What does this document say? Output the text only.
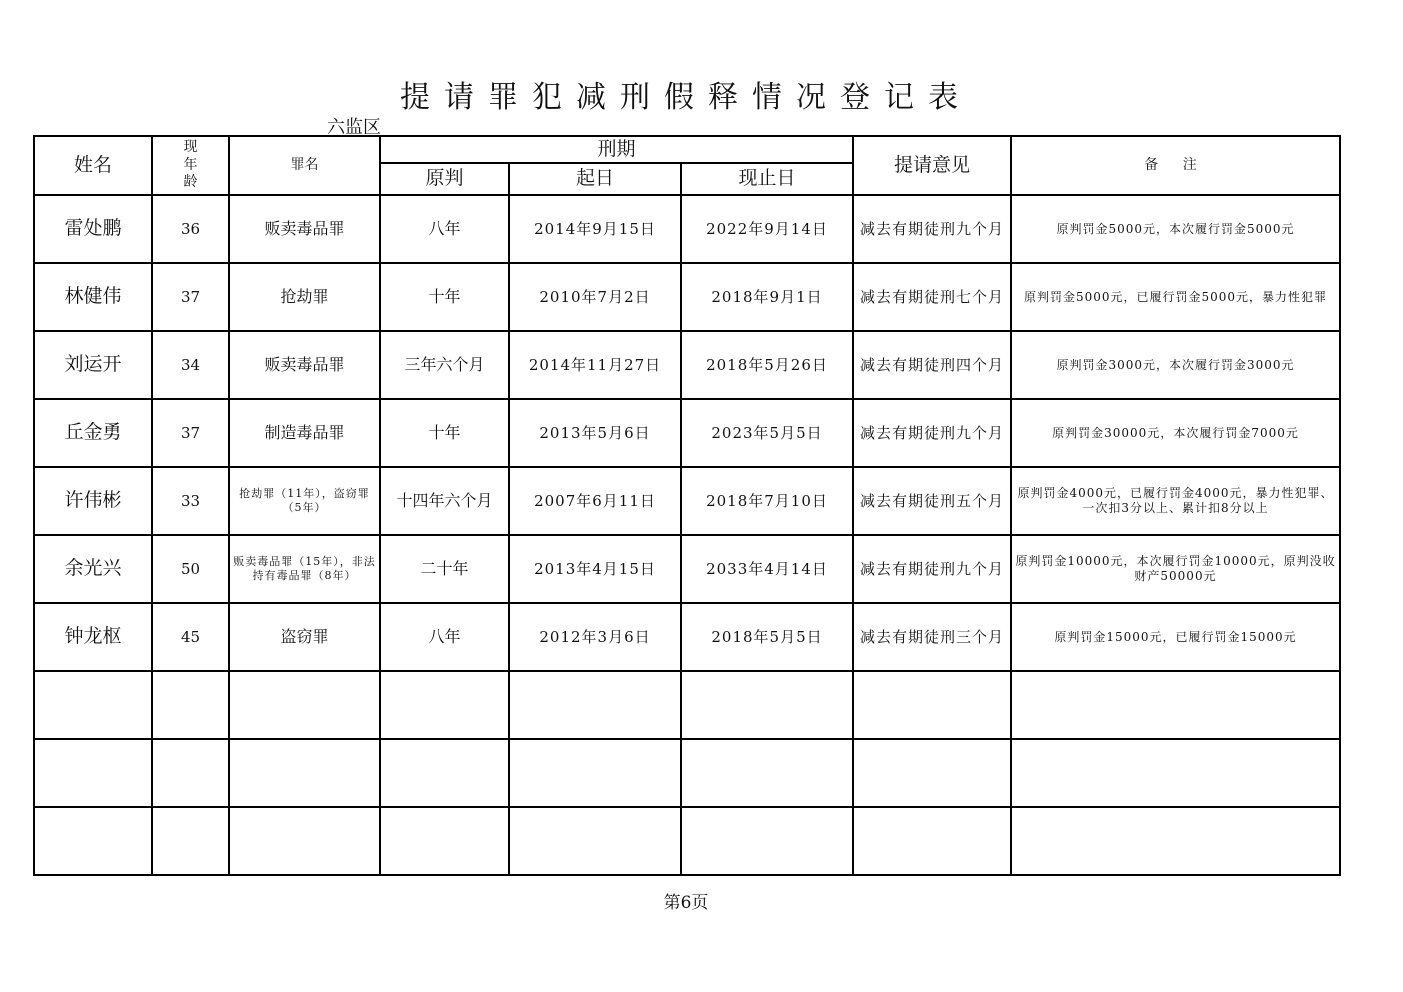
提请罪犯减刑假释情况登记表
六监区
姓名	现年龄	罪名	刑期			提请意见	备 注
			原判	起日	现止日		
雷处鹏	36	贩卖毒品罪	八年	2014年9月15日	2022年9月14日	减去有期徒刑九个月	原判罚金5000元，本次履行罚金5000元
林健伟	37	抢劫罪	十年	2010年7月2日	2018年9月1日	减去有期徒刑七个月	原判罚金5000元，已履行罚金5000元，暴力性犯罪
刘运开	34	贩卖毒品罪	三年六个月	2014年11月27日	2018年5月26日	减去有期徒刑四个月	原判罚金3000元，本次履行罚金3000元
丘金勇	37	制造毒品罪	十年	2013年5月6日	2023年5月5日	减去有期徒刑九个月	原判罚金30000元，本次履行罚金7000元
许伟彬	33	抢劫罪（11年），盗窃罪（5年）	十四年六个月	2007年6月11日	2018年7月10日	减去有期徒刑五个月	原判罚金4000元，已履行罚金4000元，暴力性犯罪、一次扣3分以上、累计扣8分以上
余光兴	50	贩卖毒品罪（15年），非法持有毒品罪（8年）	二十年	2013年4月15日	2033年4月14日	减去有期徒刑九个月	原判罚金10000元，本次履行罚金10000元，原判没收财产50000元
钟龙枢	45	盗窃罪	八年	2012年3月6日	2018年5月5日	减去有期徒刑三个月	原判罚金15000元，已履行罚金15000元

第6页
